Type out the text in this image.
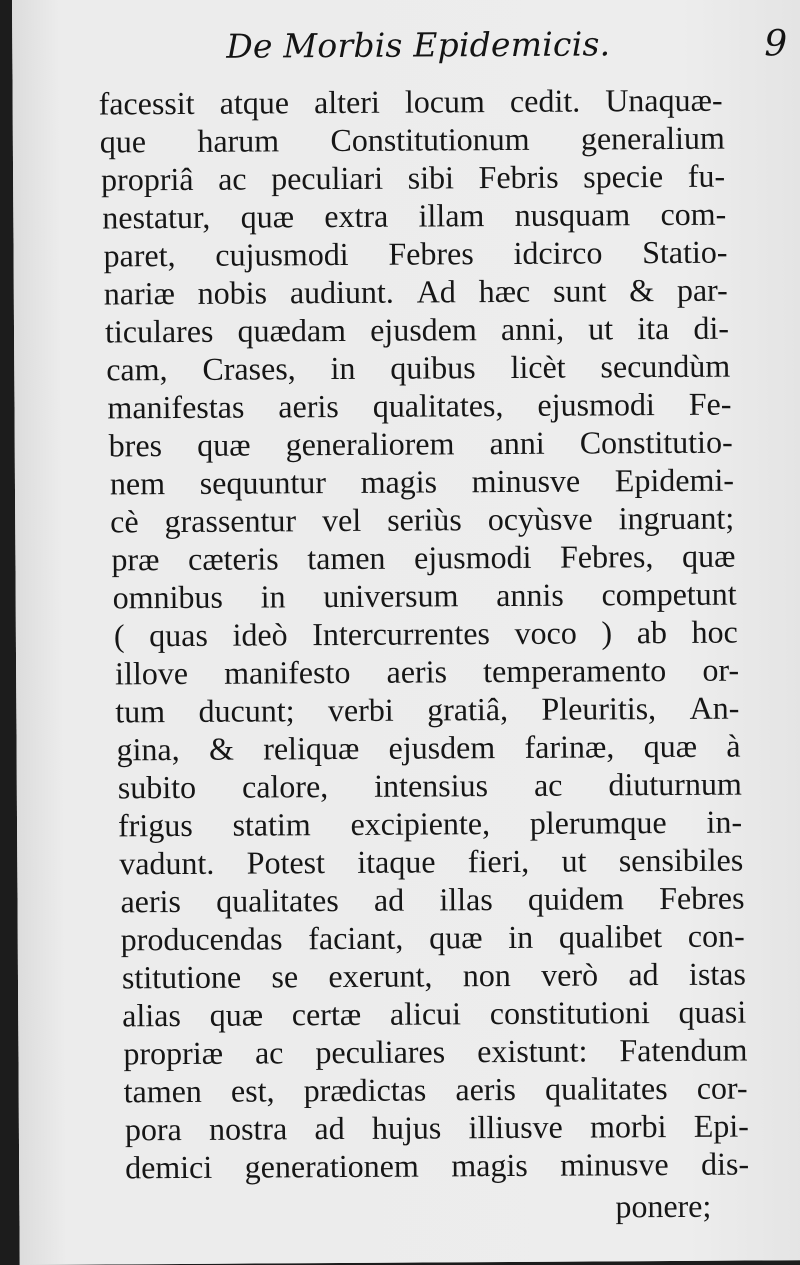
De Morbis Epidemicis.	9
facessit atque alteri locum cedit. Unaquæ-
que harum Constitutionum generalium
propriâ ac peculiari sibi Febris specie fu-
nestatur, quæ extra illam nusquam com-
paret, cujusmodi Febres idcirco Statio-
nariæ nobis audiunt. Ad hæc sunt & par-
ticulares quædam ejusdem anni, ut ita di-
cam, Crases, in quibus licèt secundùm
manifestas aeris qualitates, ejusmodi Fe-
bres quæ generaliorem anni Constitutio-
nem sequuntur magis minusve Epidemi-
cè grassentur vel seriùs ocyùsve ingruant;
præ cæteris tamen ejusmodi Febres, quæ
omnibus in universum annis competunt
( quas ideò Intercurrentes voco ) ab hoc
illove manifesto aeris temperamento or-
tum ducunt; verbi gratiâ, Pleuritis, An-
gina, & reliquæ ejusdem farinæ, quæ à
subito calore, intensius ac diuturnum
frigus statim excipiente, plerumque in-
vadunt. Potest itaque fieri, ut sensibiles
aeris qualitates ad illas quidem Febres
producendas faciant, quæ in qualibet con-
stitutione se exerunt, non verò ad istas
alias quæ certæ alicui constitutioni quasi
propriæ ac peculiares existunt: Fatendum
tamen est, prædictas aeris qualitates cor-
pora nostra ad hujus illiusve morbi Epi-
demici generationem magis minusve dis-
ponere;
